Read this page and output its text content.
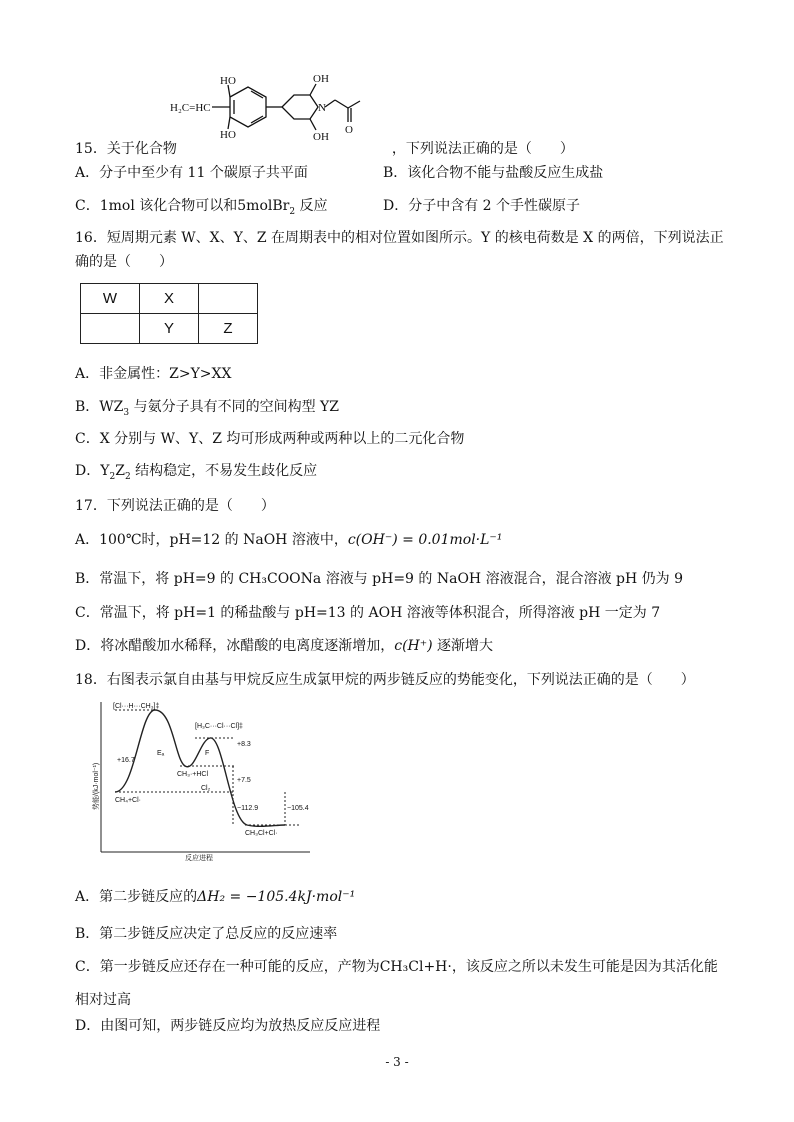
HO
HO
OH
OH
H₂C=HC	N
O
15．关于化合物	，下列说法正确的是（　　）
A．分子中至少有 11 个碳原子共平面	B．该化合物不能与盐酸反应生成盐
C．1mol 该化合物可以和5molBr$_2$ 反应	D．分子中含有 2 个手性碳原子
16．短周期元素 W、X、Y、Z 在周期表中的相对位置如图所示。Y 的核电荷数是 X 的两倍，下列说法正
确的是（　　）
W	X	
	Y	Z
A．非金属性：Z>Y>XX
B．$WZ_3$ 与氨分子具有不同的空间构型 YZ
C．X 分别与 W、Y、Z 均可形成两种或两种以上的二元化合物
D．$Y_2Z_2$ 结构稳定，不易发生歧化反应
17．下列说法正确的是（　　）
A．100℃时，pH=12 的 NaOH 溶液中，c(OH⁻) = 0.01mol·L⁻¹
B．常温下，将 pH=9 的 CH₃COONa 溶液与 pH=9 的 NaOH 溶液混合，混合溶液 pH 仍为 9
C．常温下，将 pH=1 的稀盐酸与 pH=13 的 AOH 溶液等体积混合，所得溶液 pH 一定为 7
D．将冰醋酸加水稀释，冰醋酸的电离度逐渐增加，c(H⁺) 逐渐增大
18．右图表示氯自由基与甲烷反应生成氯甲烷的两步链反应的势能变化，下列说法正确的是（　　）
[Cl···H···CH₃]‡
[H₃C···Cl···Cl]‡
+16.7
+8.3
+7.5
−112.9	−105.4
Eₐ	F
CH₄+Cl·
CH₃·+HCl
Cl₂
CH₃Cl+Cl·
反应进程
势能/(kJ·mol⁻¹)
A．第二步链反应的ΔH₂ = −105.4kJ·mol⁻¹
B．第二步链反应决定了总反应的反应速率
C．第一步链反应还存在一种可能的反应，产物为CH₃Cl+H·，该反应之所以未发生可能是因为其活化能
相对过高
D．由图可知，两步链反应均为放热反应反应进程
- 3 -
